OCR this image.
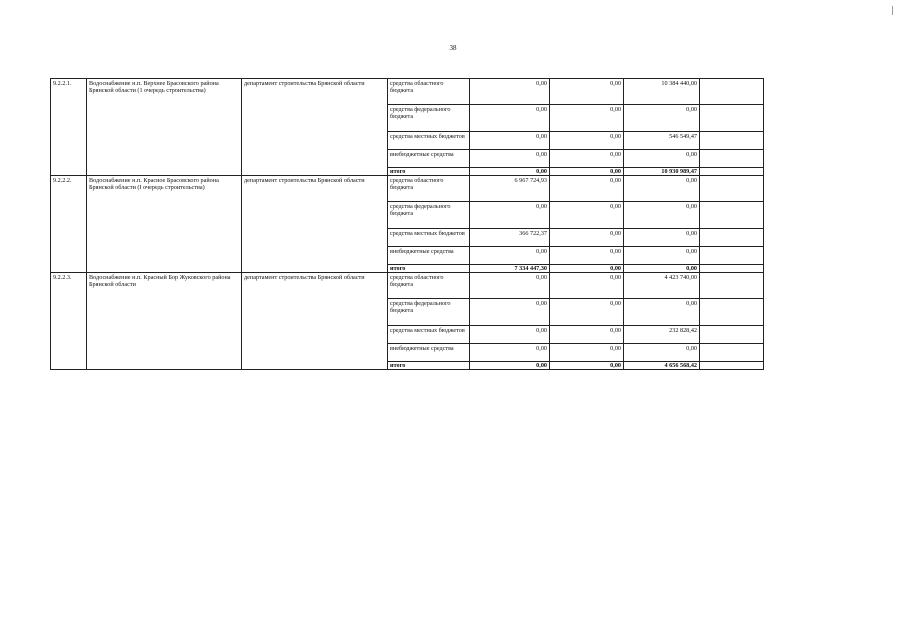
38
9.2.2.1.	Водоснабжение н.п. Верхнее Брасовского района Брянской области (1 очередь строительства)	департамент строительства Брянской области	средства областного бюджета	0,00	0,00	10 384 440,00	
			средства федерального бюджета	0,00	0,00	0,00	
			средства местных бюджетов	0,00	0,00	546 549,47	
			внебюджетные средства	0,00	0,00	0,00	
			итого	0,00	0,00	10 930 989,47	
9.2.2.2.	Водоснабжение н.п. Красное Брасовского района Брянской области (I очередь строительства)	департамент строительства Брянской области	средства областного бюджета	6 967 724,93	0,00	0,00	
			средства федерального бюджета	0,00	0,00	0,00	
			средства местных бюджетов	366 722,37	0,00	0,00	
			внебюджетные средства	0,00	0,00	0,00	
			итого	7 334 447,30	0,00	0,00	
9.2.2.3.	Водоснабжение н.п. Красный Бор Жуковского района Брянской области	департамент строительства Брянской области	средства областного бюджета	0,00	0,00	4 423 740,00	
			средства федерального бюджета	0,00	0,00	0,00	
			средства местных бюджетов	0,00	0,00	232 828,42	
			внебюджетные средства	0,00	0,00	0,00	
			итого	0,00	0,00	4 656 568,42	
